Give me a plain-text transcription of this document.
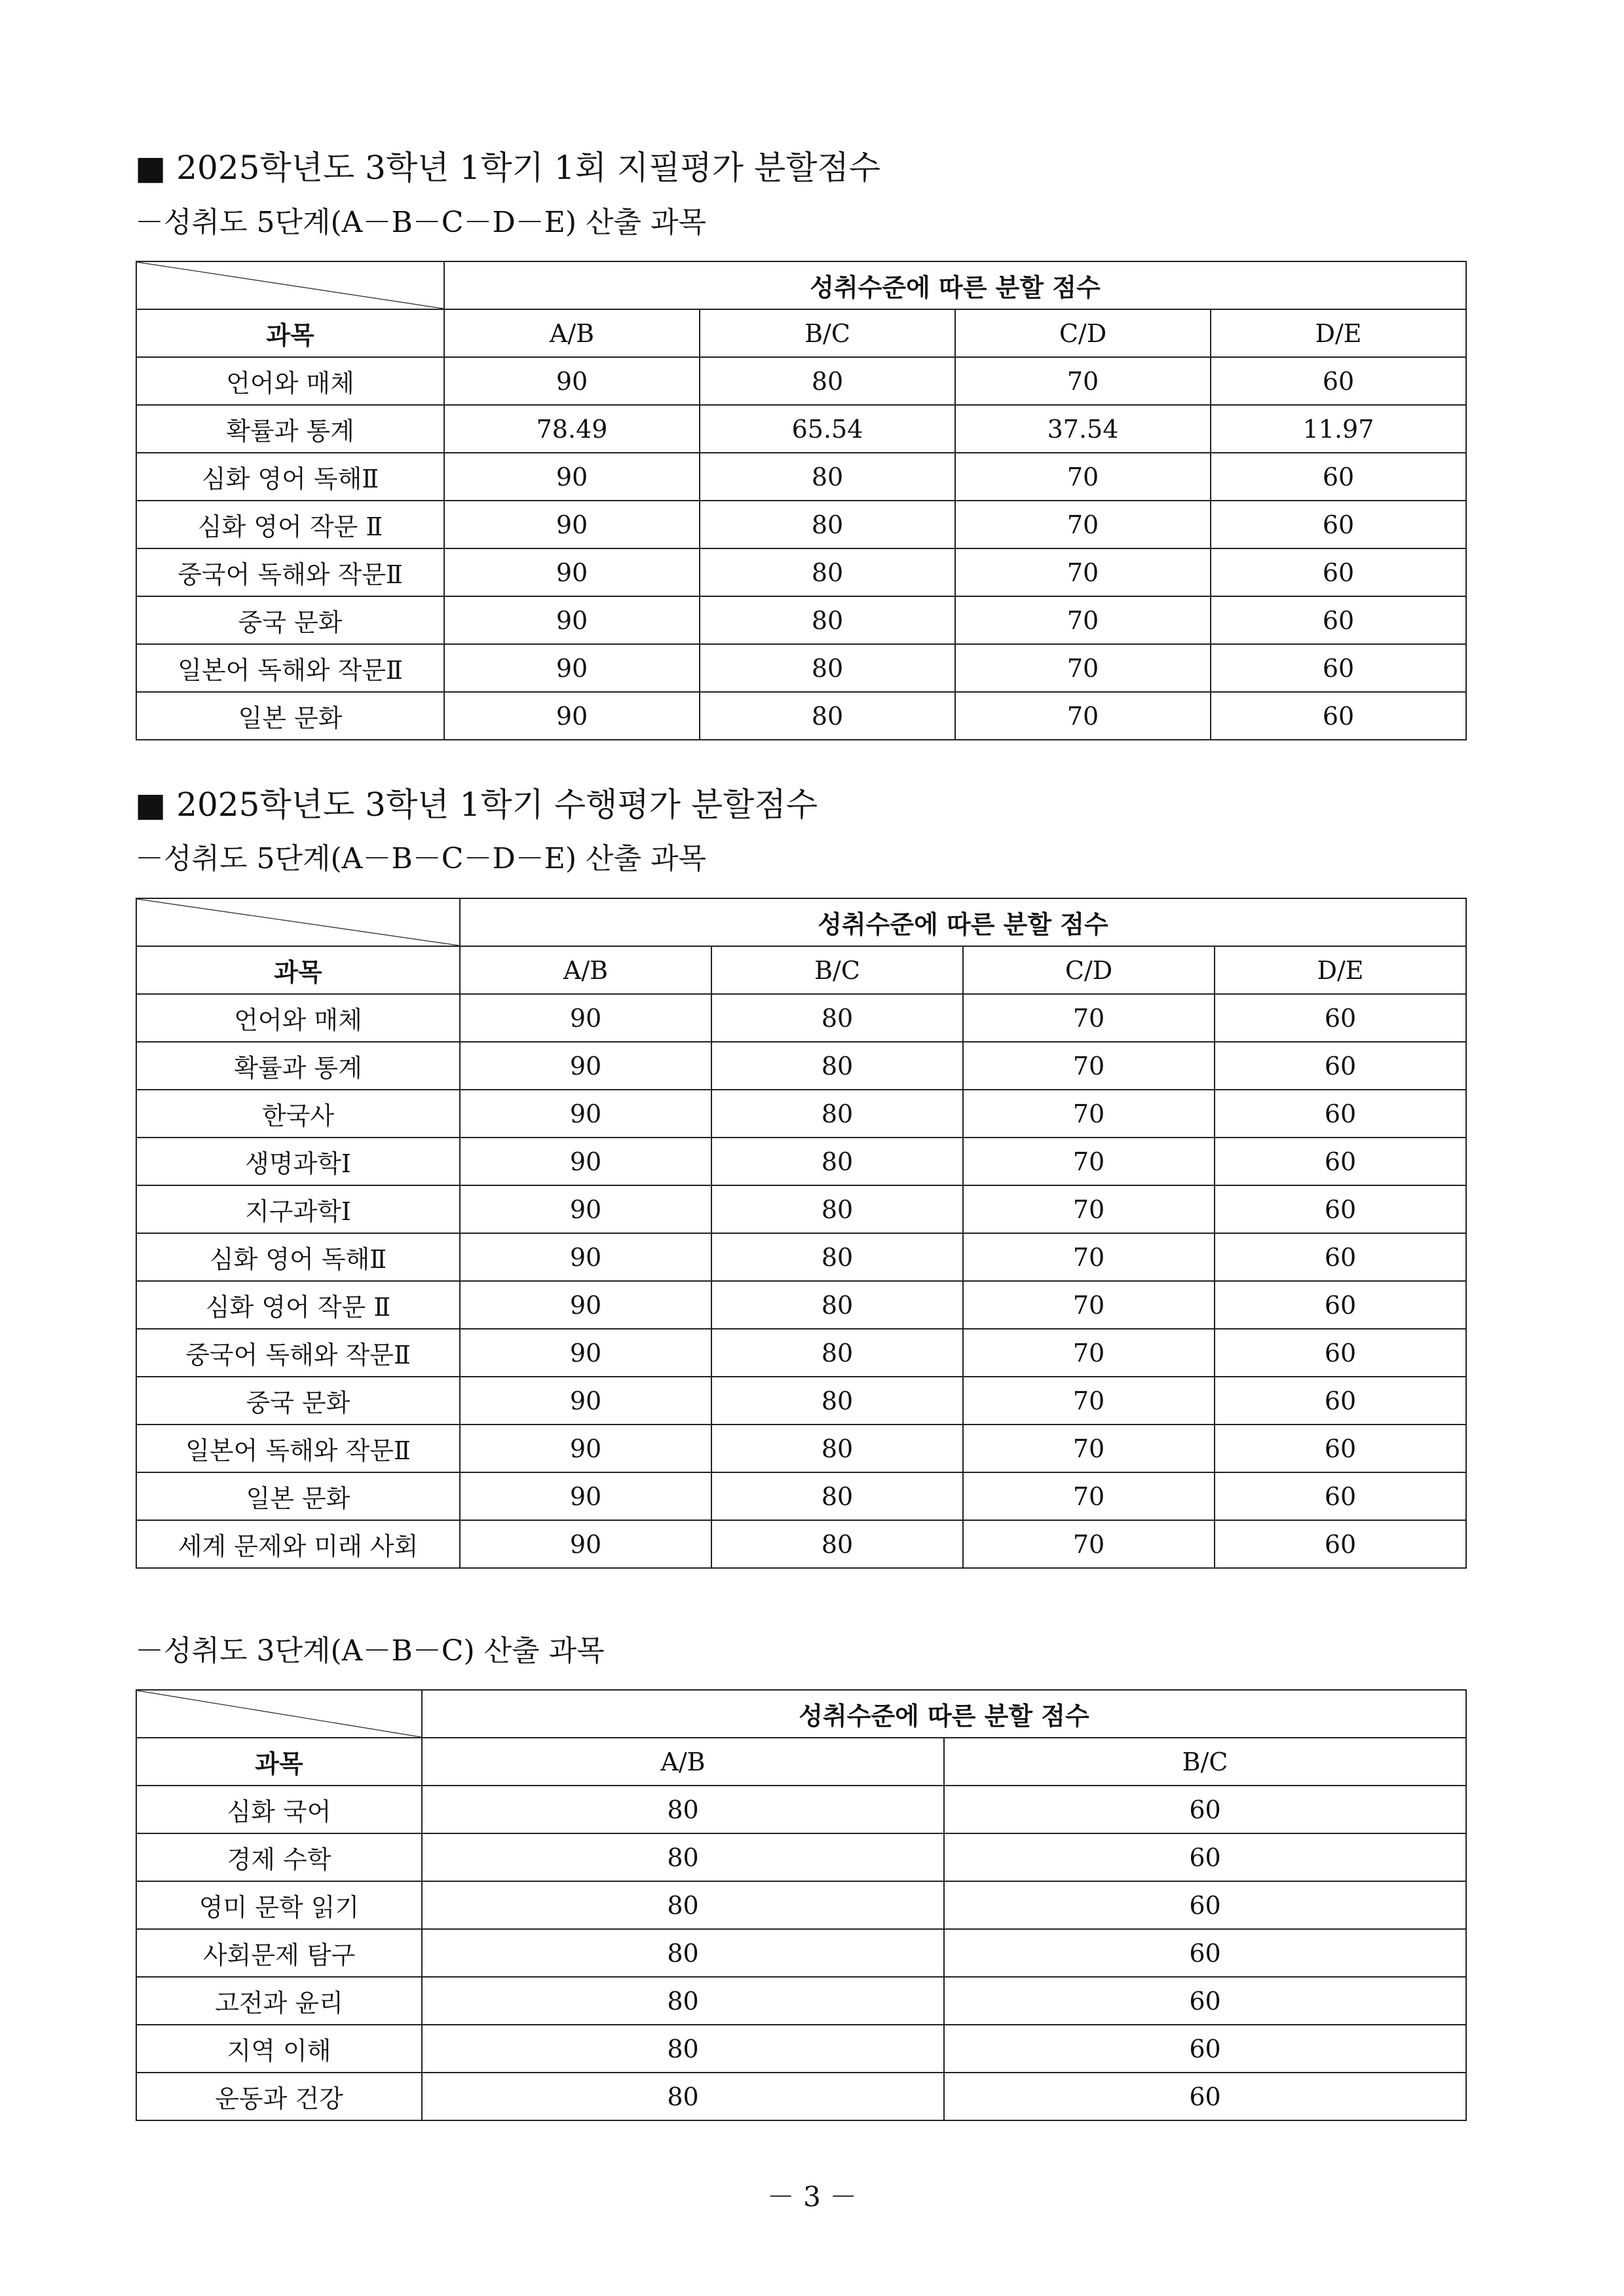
■ 2025학년도 3학년 1학기 1회 지필평가 분할점수
－성취도 5단계(A－B－C－D－E) 산출 과목
	성취수준에 따른 분할 점수			
과목	A/B	B/C	C/D	D/E
언어와 매체	90	80	70	60
확률과 통계	78.49	65.54	37.54	11.97
심화 영어 독해Ⅱ	90	80	70	60
심화 영어 작문 Ⅱ	90	80	70	60
중국어 독해와 작문Ⅱ	90	80	70	60
중국 문화	90	80	70	60
일본어 독해와 작문Ⅱ	90	80	70	60
일본 문화	90	80	70	60
■ 2025학년도 3학년 1학기 수행평가 분할점수
－성취도 5단계(A－B－C－D－E) 산출 과목
	성취수준에 따른 분할 점수			
과목	A/B	B/C	C/D	D/E
언어와 매체	90	80	70	60
확률과 통계	90	80	70	60
한국사	90	80	70	60
생명과학Ⅰ	90	80	70	60
지구과학Ⅰ	90	80	70	60
심화 영어 독해Ⅱ	90	80	70	60
심화 영어 작문 Ⅱ	90	80	70	60
중국어 독해와 작문Ⅱ	90	80	70	60
중국 문화	90	80	70	60
일본어 독해와 작문Ⅱ	90	80	70	60
일본 문화	90	80	70	60
세계 문제와 미래 사회	90	80	70	60
－성취도 3단계(A－B－C) 산출 과목
	성취수준에 따른 분할 점수	
과목	A/B	B/C
심화 국어	80	60
경제 수학	80	60
영미 문학 읽기	80	60
사회문제 탐구	80	60
고전과 윤리	80	60
지역 이해	80	60
운동과 건강	80	60
－ 3 －
